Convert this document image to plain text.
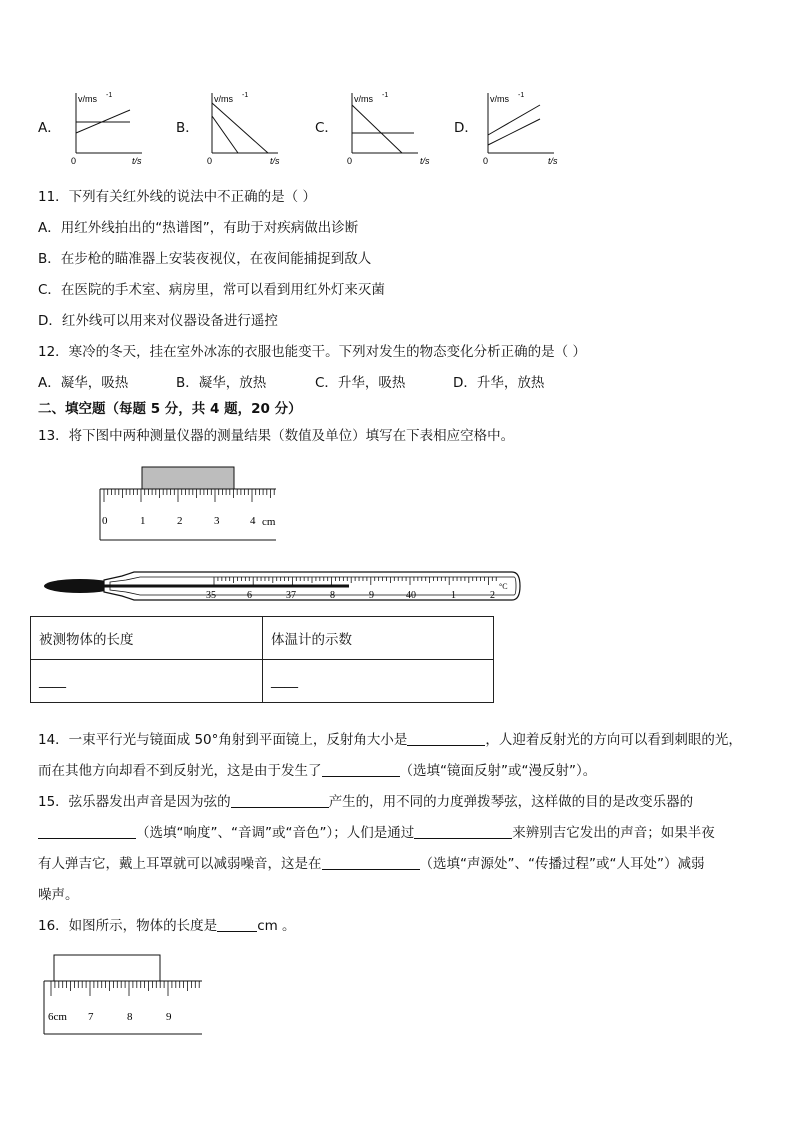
A．	B．	C．	D．
v/ms -1
0	t/s
v/ms -1
0	t/s
v/ms -1
0	t/s
v/ms -1
0	t/s
11．下列有关红外线的说法中不正确的是（ ）
A．用红外线拍出的“热谱图”，有助于对疾病做出诊断
B．在步枪的瞄准器上安装夜视仪，在夜间能捕捉到敌人
C．在医院的手术室、病房里，常可以看到用红外灯来灭菌
D．红外线可以用来对仪器设备进行遥控
12．寒冷的冬天，挂在室外冰冻的衣服也能变干。下列对发生的物态变化分析正确的是（ ）
A．凝华，吸热	B．凝华，放热	C．升华，吸热	D．升华，放热
二、填空题（每题 5 分，共 4 题，20 分）
13．将下图中两种测量仪器的测量结果（数值及单位）填写在下表相应空格中。
0	1	2	3	4 cm
35	6	37	8	9	40	1	2
°C
被测物体的长度	体温计的示数
____	____
14．一束平行光与镜面成 50°角射到平面镜上，反射角大小是	，人迎着反射光的方向可以看到刺眼的光，
而在其他方向却看不到反射光，这是由于发生了	（选填“镜面反射”或“漫反射”）。
15．弦乐器发出声音是因为弦的	产生的，用不同的力度弹拨琴弦，这样做的目的是改变乐器的
（选填“响度”、“音调”或“音色”）；人们是通过	来辨别吉它发出的声音；如果半夜
有人弹吉它，戴上耳罩就可以减弱噪音，这是在	（选填“声源处”、“传播过程”或“人耳处”）减弱
噪声。
16．如图所示，物体的长度是	cm 。
6cm 7	8	9
